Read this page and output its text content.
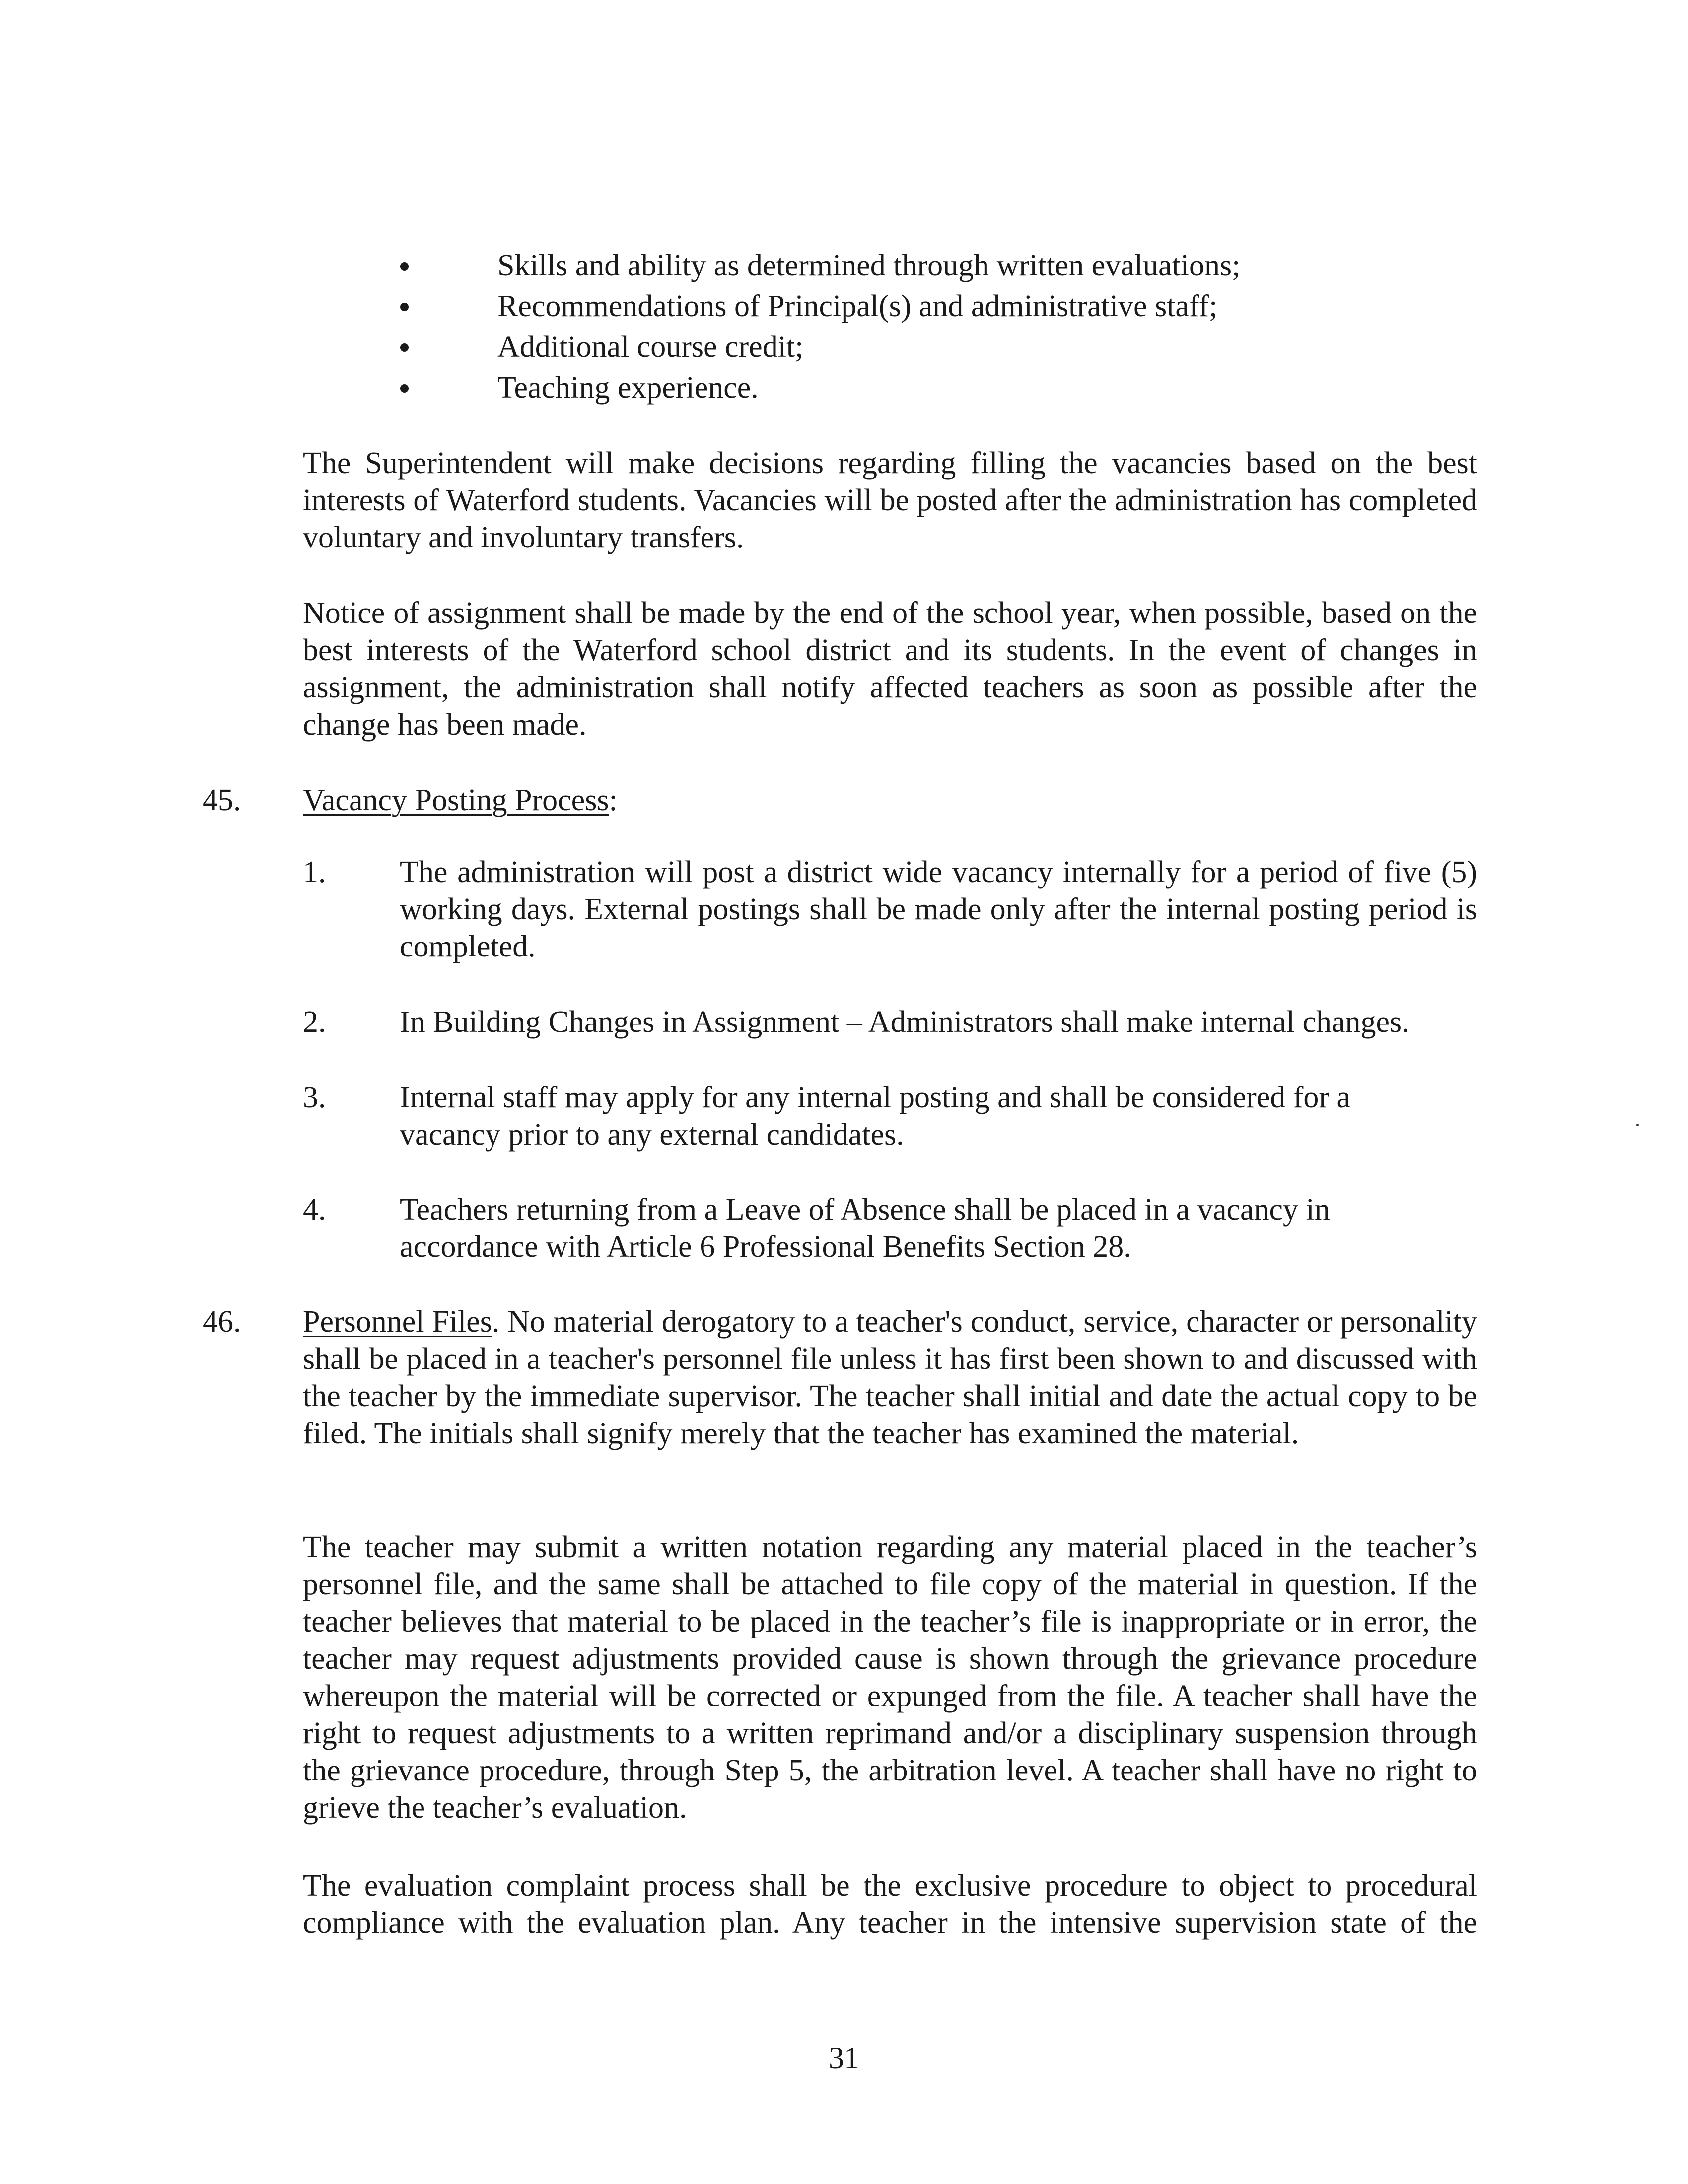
Skills and ability as determined through written evaluations;
Recommendations of Principal(s) and administrative staff;
Additional course credit;
Teaching experience.

The Superintendent will make decisions regarding filling the vacancies based on the best interests of Waterford students. Vacancies will be posted after the administration has completed voluntary and involuntary transfers.

Notice of assignment shall be made by the end of the school year, when possible, based on the best interests of the Waterford school district and its students. In the event of changes in assignment, the administration shall notify affected teachers as soon as possible after the change has been made.

45. Vacancy Posting Process:
1. The administration will post a district wide vacancy internally for a period of five (5) working days. External postings shall be made only after the internal posting period is completed.

2. In Building Changes in Assignment – Administrators shall make internal changes.

3. Internal staff may apply for any internal posting and shall be considered for a vacancy prior to any external candidates.

4. Teachers returning from a Leave of Absence shall be placed in a vacancy in accordance with Article 6 Professional Benefits Section 28.

46. Personnel Files. No material derogatory to a teacher's conduct, service, character or personality shall be placed in a teacher's personnel file unless it has first been shown to and discussed with the teacher by the immediate supervisor. The teacher shall initial and date the actual copy to be filed. The initials shall signify merely that the teacher has examined the material.

The teacher may submit a written notation regarding any material placed in the teacher’s personnel file, and the same shall be attached to file copy of the material in question. If the teacher believes that material to be placed in the teacher’s file is inappropriate or in error, the teacher may request adjustments provided cause is shown through the grievance procedure whereupon the material will be corrected or expunged from the file. A teacher shall have the right to request adjustments to a written reprimand and/or a disciplinary suspension through the grievance procedure, through Step 5, the arbitration level. A teacher shall have no right to grieve the teacher’s evaluation.

The evaluation complaint process shall be the exclusive procedure to object to procedural compliance with the evaluation plan. Any teacher in the intensive supervision state of the

31
